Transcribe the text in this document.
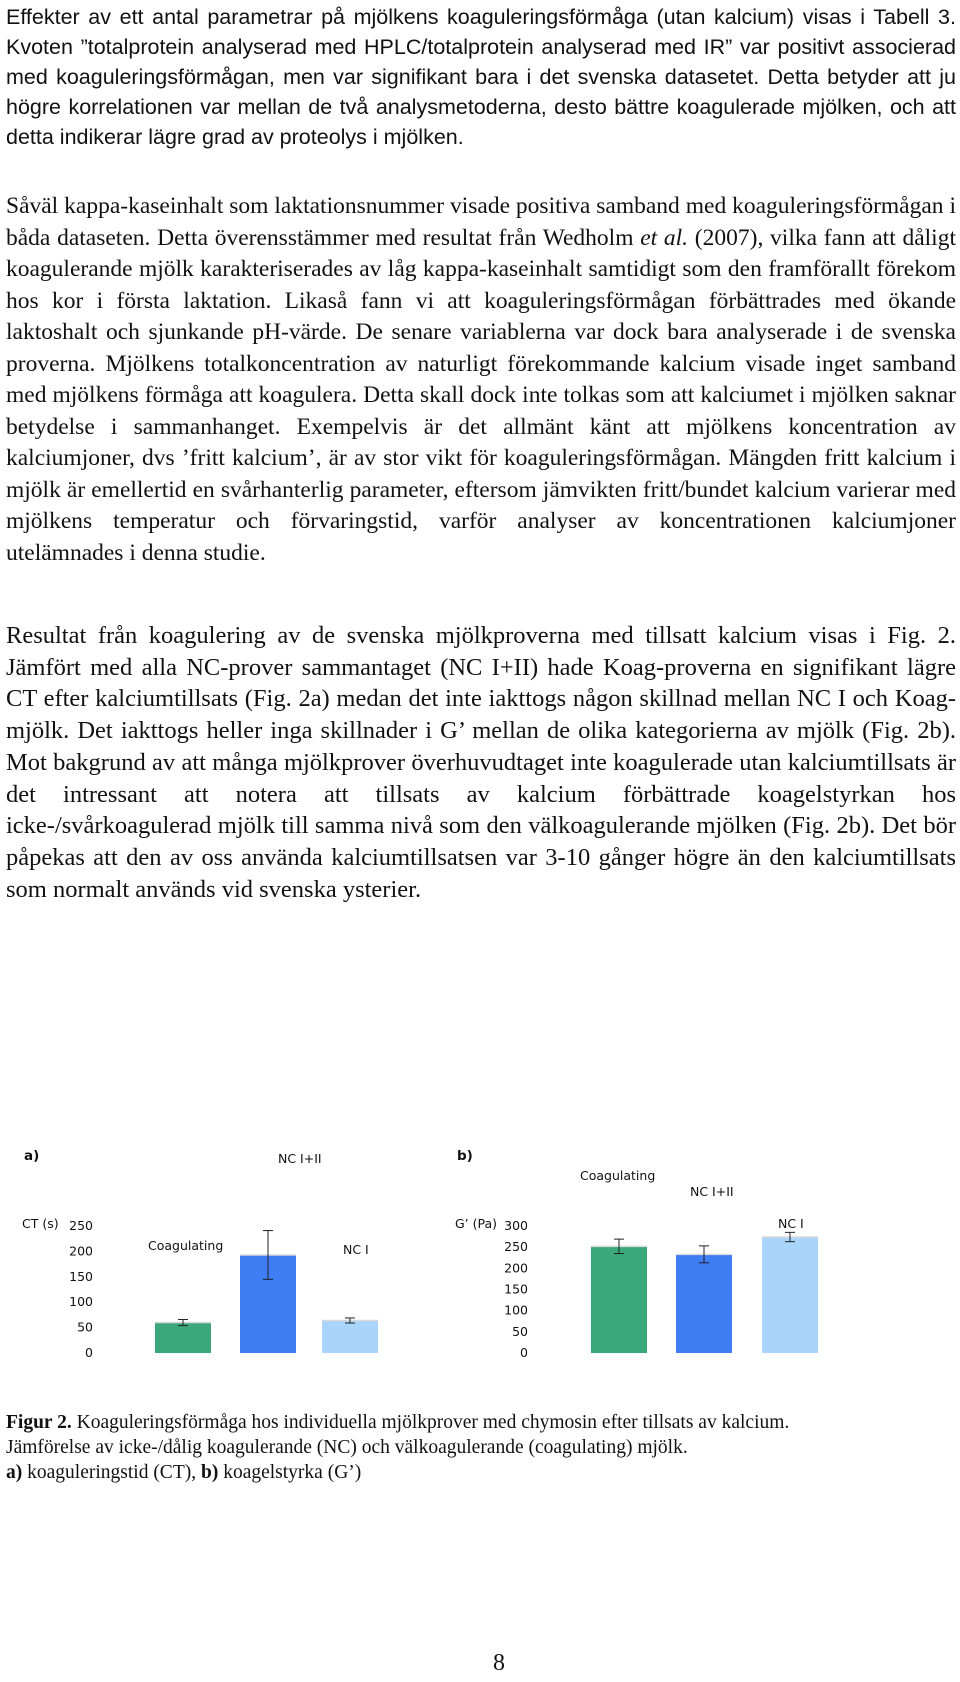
Effekter av ett antal parametrar på mjölkens koaguleringsförmåga (utan kalcium) visas i Tabell 3. Kvoten ”totalprotein analyserad med HPLC/totalprotein analyserad med IR” var positivt associerad med koaguleringsförmågan, men var signifikant bara i det svenska datasetet. Detta betyder att ju högre korrelationen var mellan de två analysmetoderna, desto bättre koagulerade mjölken, och att detta indikerar lägre grad av proteolys i mjölken.

Såväl kappa-kaseinhalt som laktationsnummer visade positiva samband med koaguleringsförmågan i båda dataseten. Detta överensstämmer med resultat från Wedholm et al. (2007), vilka fann att dåligt koagulerande mjölk karakteriserades av låg kappa-kaseinhalt samtidigt som den framförallt förekom hos kor i första laktation. Likaså fann vi att koaguleringsförmågan förbättrades med ökande laktoshalt och sjunkande pH-värde. De senare variablerna var dock bara analyserade i de svenska proverna. Mjölkens totalkoncentration av naturligt förekommande kalcium visade inget samband med mjölkens förmåga att koagulera. Detta skall dock inte tolkas som att kalciumet i mjölken saknar betydelse i sammanhanget. Exempelvis är det allmänt känt att mjölkens koncentration av kalciumjoner, dvs ’fritt kalcium’, är av stor vikt för koaguleringsförmågan. Mängden fritt kalcium i mjölk är emellertid en svårhanterlig parameter, eftersom jämvikten fritt/bundet kalcium varierar med mjölkens temperatur och förvaringstid, varför analyser av koncentrationen kalciumjoner utelämnades i denna studie.

Resultat från koagulering av de svenska mjölkproverna med tillsatt kalcium visas i Fig. 2. Jämfört med alla NC-prover sammantaget (NC I+II) hade Koag-proverna en signifikant lägre CT efter kalciumtillsats (Fig. 2a) medan det inte iakttogs någon skillnad mellan NC I och Koag-mjölk. Det iakttogs heller inga skillnader i G’ mellan de olika kategorierna av mjölk (Fig. 2b). Mot bakgrund av att många mjölkprover överhuvudtaget inte koagulerade utan kalciumtillsats är det intressant att notera att tillsats av kalcium förbättrade koagelstyrkan hos icke-/svårkoagulerad mjölk till samma nivå som den välkoagulerande mjölken (Fig. 2b). Det bör påpekas att den av oss använda kalciumtillsatsen var 3-10 gånger högre än den kalciumtillsats som normalt används vid svenska ysterier.

a)
CT (s)
0
50
100
150
200
250
Coagulating
NC I+II
NC I
b)
G’ (Pa)
0
50
100
150
200
250
300
Coagulating
NC I+II
NC I

Figur 2. Koaguleringsförmåga hos individuella mjölkprover med chymosin efter tillsats av kalcium.
Jämförelse av icke-/dålig koagulerande (NC) och välkoagulerande (coagulating) mjölk.
a) koaguleringstid (CT), b) koagelstyrka (G’)

8
